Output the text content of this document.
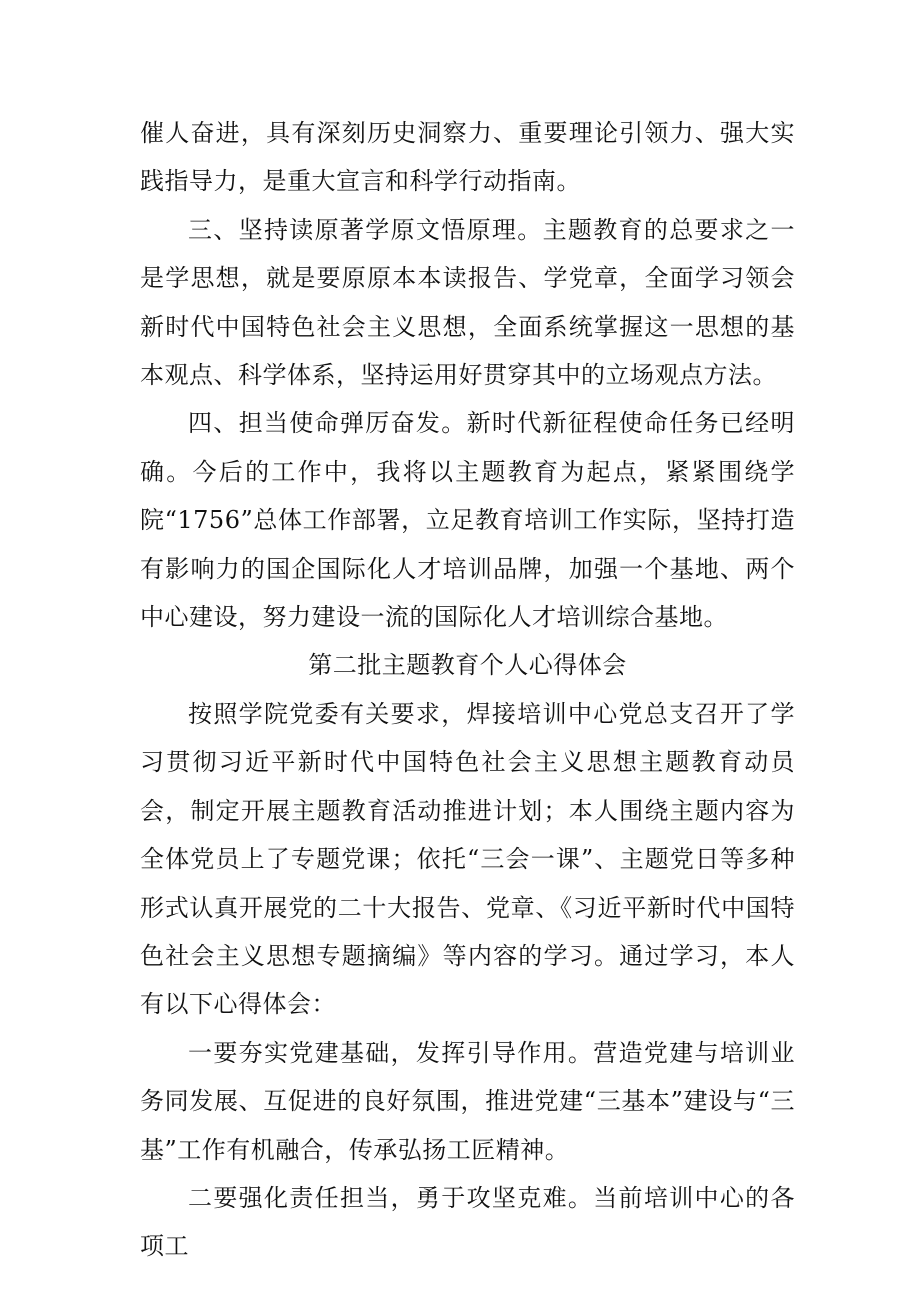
催人奋进，具有深刻历史洞察力、重要理论引领力、强大实践指导力，是重大宣言和科学行动指南。

三、坚持读原著学原文悟原理。主题教育的总要求之一是学思想，就是要原原本本读报告、学党章，全面学习领会新时代中国特色社会主义思想，全面系统掌握这一思想的基本观点、科学体系，坚持运用好贯穿其中的立场观点方法。

四、担当使命弹厉奋发。新时代新征程使命任务已经明确。今后的工作中，我将以主题教育为起点，紧紧围绕学院“1756”总体工作部署，立足教育培训工作实际，坚持打造有影响力的国企国际化人才培训品牌，加强一个基地、两个中心建设，努力建设一流的国际化人才培训综合基地。

第二批主题教育个人心得体会

按照学院党委有关要求，焊接培训中心党总支召开了学习贯彻习近平新时代中国特色社会主义思想主题教育动员会，制定开展主题教育活动推进计划；本人围绕主题内容为全体党员上了专题党课；依托“三会一课”、主题党日等多种形式认真开展党的二十大报告、党章、《习近平新时代中国特色社会主义思想专题摘编》等内容的学习。通过学习，本人有以下心得体会：

一要夯实党建基础，发挥引导作用。营造党建与培训业务同发展、互促进的良好氛围，推进党建“三基本”建设与“三基”工作有机融合，传承弘扬工匠精神。

二要强化责任担当，勇于攻坚克难。当前培训中心的各项工
